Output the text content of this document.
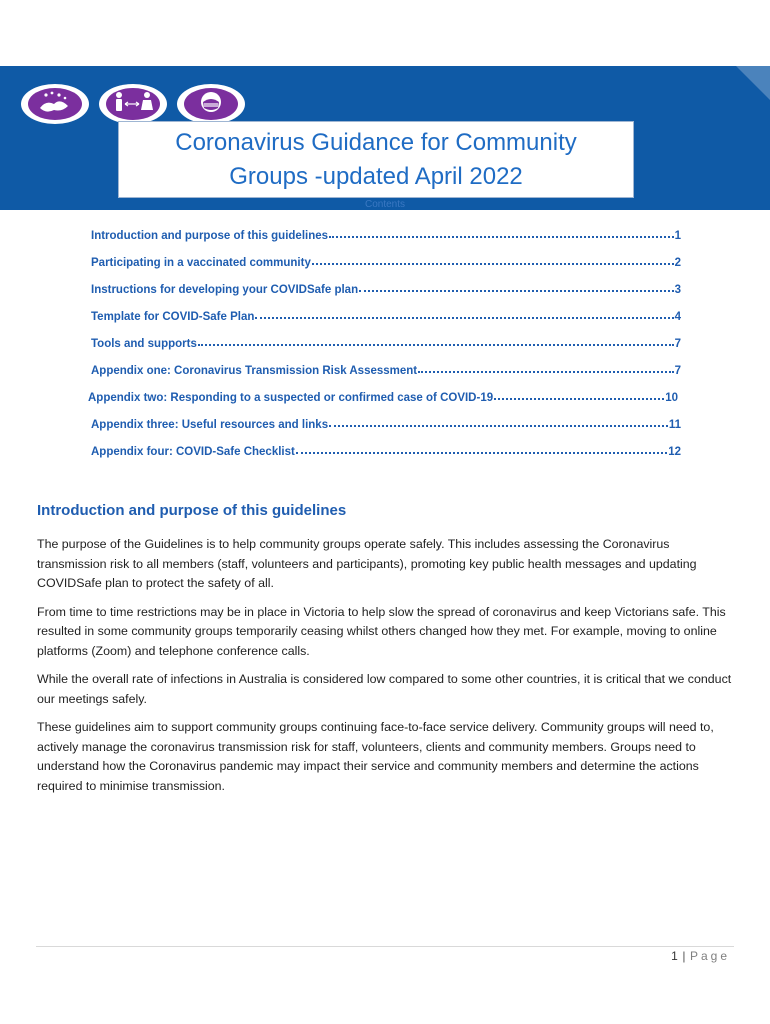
Coronavirus Guidance for Community Groups -updated April 2022
Contents
Introduction and purpose of this guidelines	1
Participating in a vaccinated community	2
Instructions for developing your COVIDSafe plan	3
Template for COVID-Safe Plan	4
Tools and supports	7
Appendix one: Coronavirus Transmission Risk Assessment	7
Appendix two: Responding to a suspected or confirmed case of COVID-19	10
Appendix three: Useful resources and links	11
Appendix four: COVID-Safe Checklist	12
Introduction and purpose of this guidelines

The purpose of the Guidelines is to help community groups operate safely. This includes assessing the Coronavirus transmission risk to all members (staff, volunteers and participants), promoting key public health messages and updating COVIDSafe plan to protect the safety of all.

From time to time restrictions may be in place in Victoria to help slow the spread of coronavirus and keep Victorians safe. This resulted in some community groups temporarily ceasing whilst others changed how they met. For example, moving to online platforms (Zoom) and telephone conference calls.

While the overall rate of infections in Australia is considered low compared to some other countries, it is critical that we conduct our meetings safely.

These guidelines aim to support community groups continuing face-to-face service delivery. Community groups will need to, actively manage the coronavirus transmission risk for staff, volunteers, clients and community members. Groups need to understand how the Coronavirus pandemic may impact their service and community members and determine the actions required to minimise transmission.

1 | Page
